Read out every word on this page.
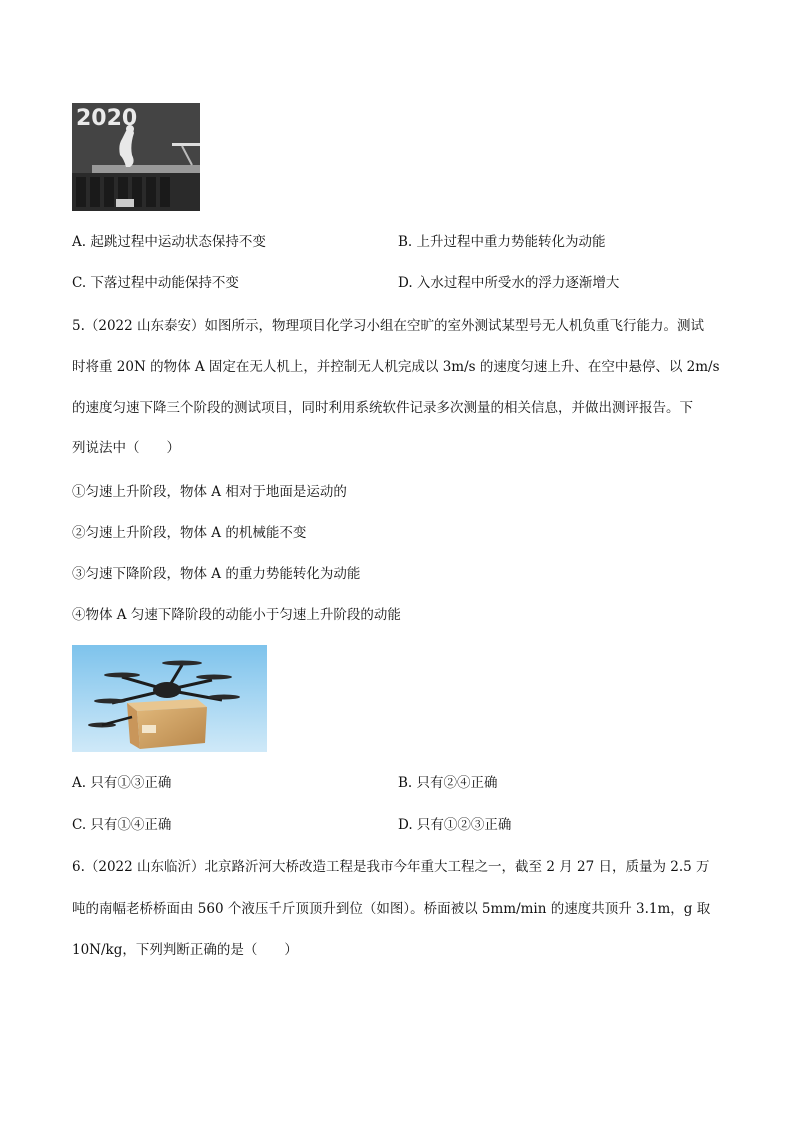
2020
A. 起跳过程中运动状态保持不变	B. 上升过程中重力势能转化为动能
C. 下落过程中动能保持不变	D. 入水过程中所受水的浮力逐渐增大
5.（2022 山东泰安）如图所示，物理项目化学习小组在空旷的室外测试某型号无人机负重飞行能力。测试
时将重 20N 的物体 A 固定在无人机上，并控制无人机完成以 3m/s 的速度匀速上升、在空中悬停、以 2m/s
的速度匀速下降三个阶段的测试项目，同时利用系统软件记录多次测量的相关信息，并做出测评报告。下
列说法中（　　）
①匀速上升阶段，物体 A 相对于地面是运动的
②匀速上升阶段，物体 A 的机械能不变
③匀速下降阶段，物体 A 的重力势能转化为动能
④物体 A 匀速下降阶段的动能小于匀速上升阶段的动能
A. 只有①③正确	B. 只有②④正确
C. 只有①④正确	D. 只有①②③正确
6.（2022 山东临沂）北京路沂河大桥改造工程是我市今年重大工程之一，截至 2 月 27 日，质量为 2.5 万
吨的南幅老桥桥面由 560 个液压千斤顶顶升到位（如图）。桥面被以 5mm/min 的速度共顶升 3.1m，g 取
10N/kg，下列判断正确的是（　　）
